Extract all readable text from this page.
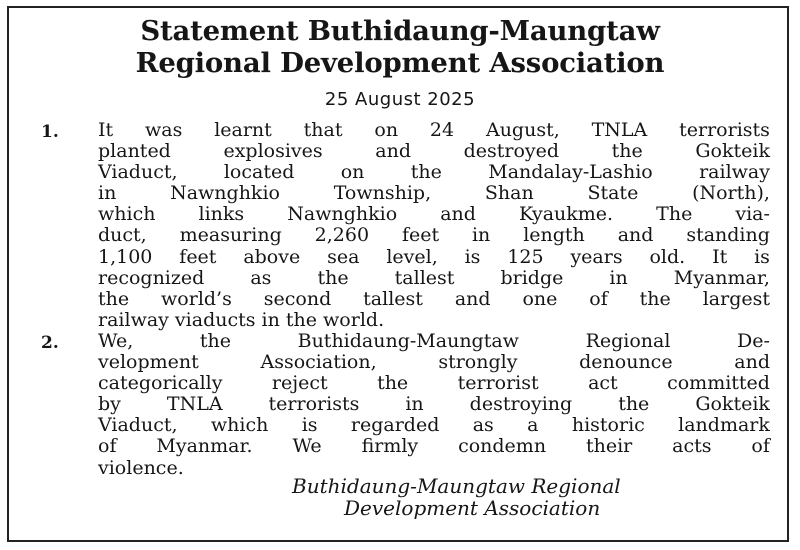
Statement Buthidaung-Maungtaw
Regional Development Association
25 August 2025
1. It was learnt that on 24 August, TNLA terrorists
planted	explosives	and	destroyed	the	Gokteik
Viaduct, located on the Mandalay-Lashio railway
in	Nawnghkio	Township,	Shan	State	(North),
which links Nawnghkio and Kyaukme. The via-
duct, measuring 2,260 feet in length and standing
1,100 feet above sea level, is 125 years old. It is
recognized as the tallest bridge in Myanmar,
the world’s second tallest and one of the largest
railway viaducts in the world.
2. We,	the	Buthidaung-Maungtaw	Regional	De-
velopment	Association,	strongly	denounce	and
categorically	reject	the	terrorist	act	committed
by TNLA terrorists in destroying the Gokteik
Viaduct, which is regarded as a historic landmark
of Myanmar. We firmly condemn their acts of
violence.
Buthidaung-Maungtaw Regional
Development Association
